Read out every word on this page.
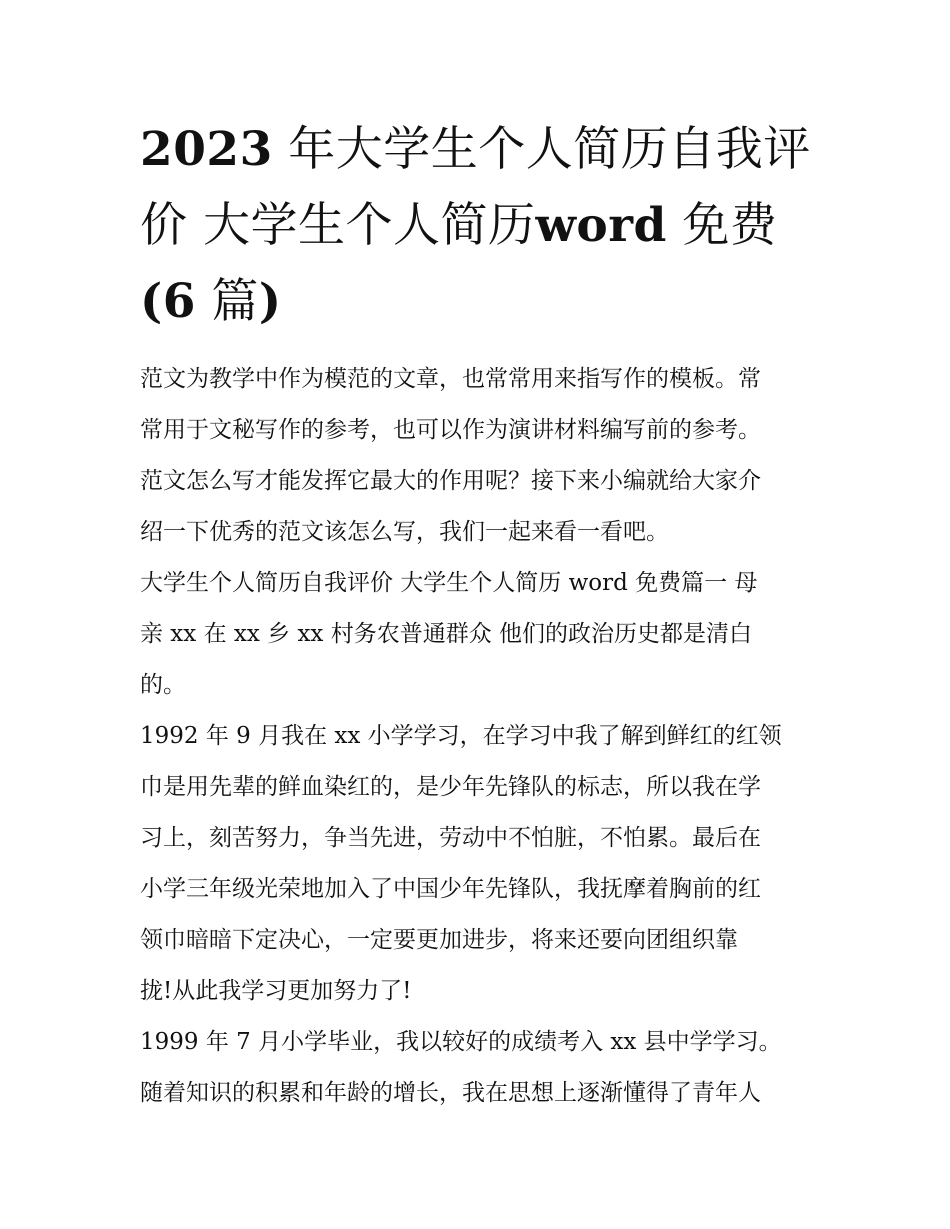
2023 年大学生个人简历自我评
价 大学生个人简历word 免费
(6 篇)
范文为教学中作为模范的文章，也常常用来指写作的模板。常
常用于文秘写作的参考，也可以作为演讲材料编写前的参考。
范文怎么写才能发挥它最大的作用呢？接下来小编就给大家介
绍一下优秀的范文该怎么写，我们一起来看一看吧。
大学生个人简历自我评价 大学生个人简历 word 免费篇一 母
亲 xx 在 xx 乡 xx 村务农普通群众 他们的政治历史都是清白
的。
1992 年 9 月我在 xx 小学学习，在学习中我了解到鲜红的红领
巾是用先辈的鲜血染红的，是少年先锋队的标志，所以我在学
习上，刻苦努力，争当先进，劳动中不怕脏，不怕累。最后在
小学三年级光荣地加入了中国少年先锋队，我抚摩着胸前的红
领巾暗暗下定决心，一定要更加进步，将来还要向团组织靠
拢!从此我学习更加努力了!
1999 年 7 月小学毕业，我以较好的成绩考入 xx 县中学学习。
随着知识的积累和年龄的增长，我在思想上逐渐懂得了青年人
